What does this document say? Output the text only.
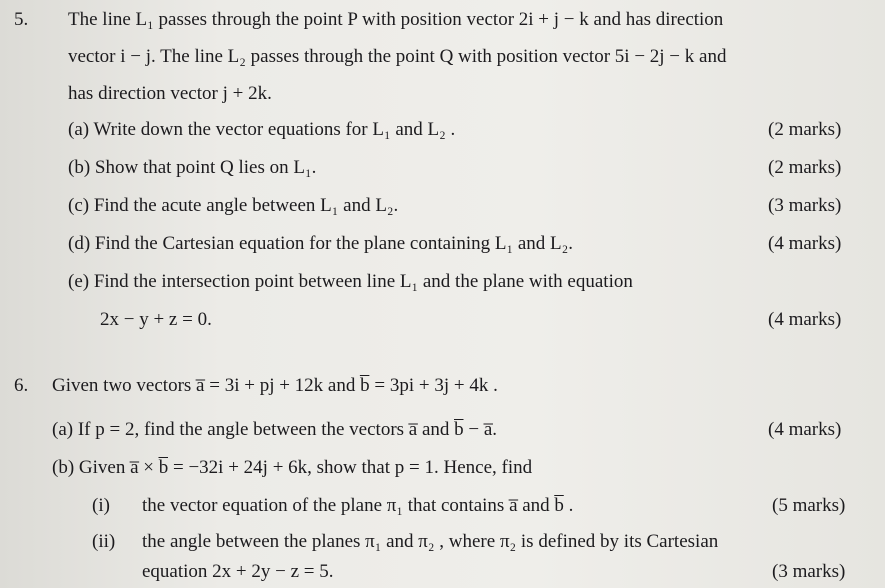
5. The line L₁ passes through the point P with position vector 2i + j − k and has direction
vector i − j. The line L₂ passes through the point Q with position vector 5i − 2j − k and
has direction vector j + 2k.
(a) Write down the vector equations for L₁ and L₂ .	(2 marks)
(b) Show that point Q lies on L₁.	(2 marks)
(c) Find the acute angle between L₁ and L₂.	(3 marks)
(d) Find the Cartesian equation for the plane containing L₁ and L₂.	(4 marks)
(e) Find the intersection point between line L₁ and the plane with equation
2x − y + z = 0.	(4 marks)
6. Given two vectors a̅ = 3i + pj + 12k and b̅ = 3pi + 3j + 4k .
(a) If p = 2, find the angle between the vectors a̅ and b̅ − a̅.	(4 marks)
(b) Given a̅ × b̅ = −32i + 24j + 6k, show that p = 1. Hence, find
(i) the vector equation of the plane π₁ that contains a̅ and b̅ .	(5 marks)
(ii) the angle between the planes π₁ and π₂ , where π₂ is defined by its Cartesian
equation 2x + 2y − z = 5.	(3 marks)
